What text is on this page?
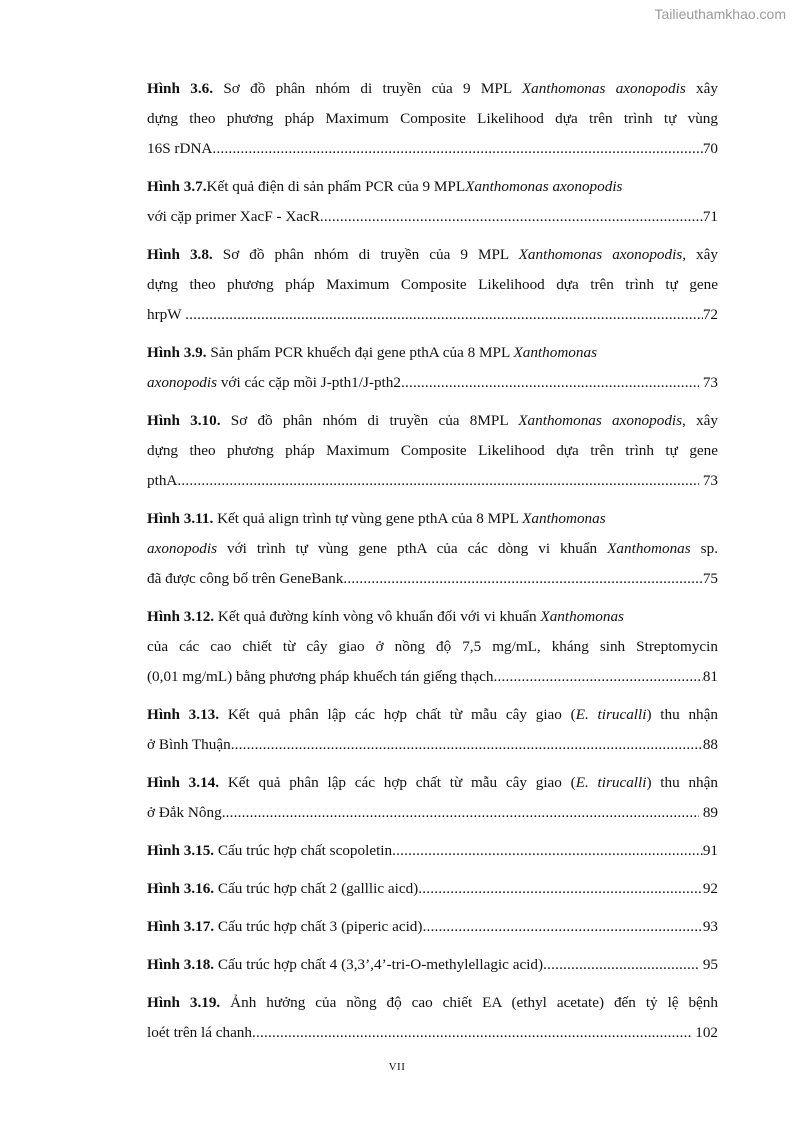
Tailieuthamkhao.com
Hình 3.6. Sơ đồ phân nhóm di truyền của 9 MPL Xanthomonas axonopodis xây
dựng theo phương pháp Maximum Composite Likelihood dựa trên trình tự vùng
16S rDNA .....	70
Hình 3.7. Kết quả điện di sản phẩm PCR của 9 MPL Xanthomonas axonopodis
với cặp primer XacF - XacR .....	71
Hình 3.8. Sơ đồ phân nhóm di truyền của 9 MPL Xanthomonas axonopodis, xây
dựng theo phương pháp Maximum Composite Likelihood dựa trên trình tự gene
hrpW .....	72
Hình 3.9. Sản phẩm PCR khuếch đại gene pthA của 8 MPL Xanthomonas
axonopodis với các cặp mồi J-pth1/J-pth2 .....	73
Hình 3.10. Sơ đồ phân nhóm di truyền của 8MPL Xanthomonas axonopodis, xây
dựng theo phương pháp Maximum Composite Likelihood dựa trên trình tự gene
pthA .....	73
Hình 3.11. Kết quả align trình tự vùng gene pthA của 8 MPL Xanthomonas
axonopodis với trình tự vùng gene pthA của các dòng vi khuẩn Xanthomonas sp.
đã được công bố trên GeneBank .....	75
Hình 3.12. Kết quả đường kính vòng vô khuẩn đối với vi khuẩn Xanthomonas
của các cao chiết từ cây giao ở nồng độ 7,5 mg/mL, kháng sinh Streptomycin
(0,01 mg/mL) bằng phương pháp khuếch tán giếng thạch .....	81
Hình 3.13. Kết quả phân lập các hợp chất từ mẫu cây giao (E. tirucalli) thu nhận
ở Bình Thuận .....	88
Hình 3.14. Kết quả phân lập các hợp chất từ mẫu cây giao (E. tirucalli) thu nhận
ở Đắk Nông .....	89
Hình 3.15. Cấu trúc hợp chất scopoletin .....	91
Hình 3.16. Cấu trúc hợp chất 2 (galllic aicd) .....	92
Hình 3.17. Cấu trúc hợp chất 3 (piperic acid) .....	93
Hình 3.18. Cấu trúc hợp chất 4 (3,3’,4’-tri-O-methylellagic acid) .....	95
Hình 3.19. Ảnh hưởng của nồng độ cao chiết EA (ethyl acetate) đến tỷ lệ bệnh
loét trên lá chanh .....	102
VII
